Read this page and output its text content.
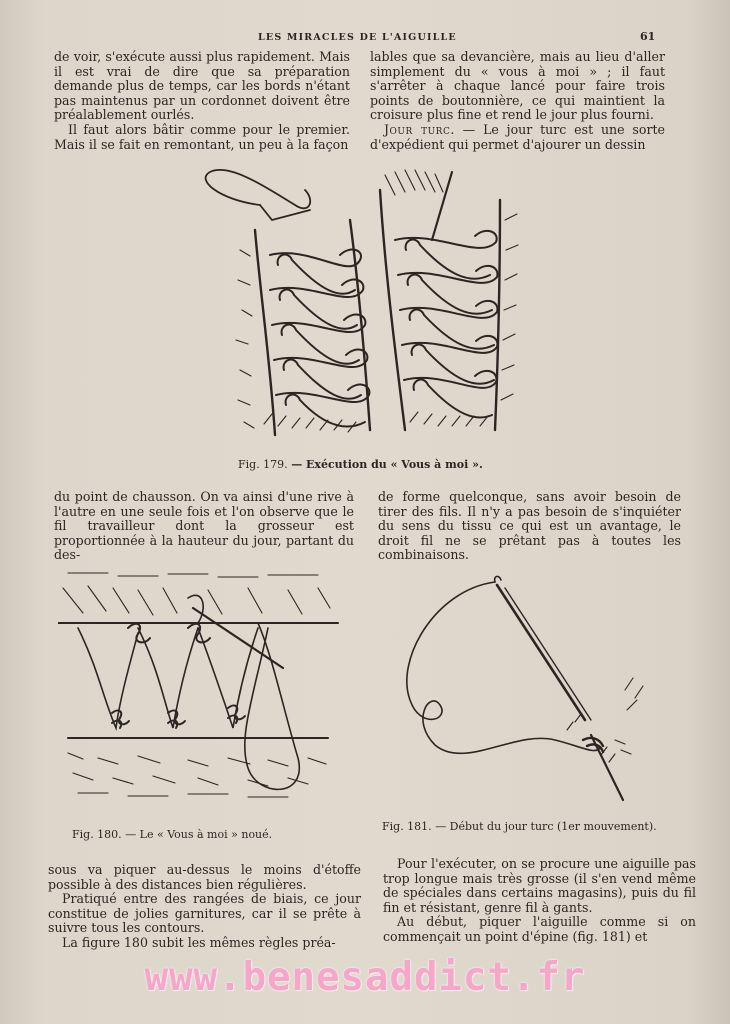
LES MIRACLES DE L'AIGUILLE	61

de voir, s'exécute aussi plus rapidement. Mais il est vrai de dire que sa préparation demande plus de temps, car les bords n'étant pas maintenus par un cordonnet doivent être préalablement ourlés.

Il faut alors bâtir comme pour le premier. Mais il se fait en remontant, un peu à la façon

lables que sa devancière, mais au lieu d'aller simplement du « vous à moi » ; il faut s'arrêter à chaque lancé pour faire trois points de boutonnière, ce qui maintient la croisure plus fine et rend le jour plus fourni.

Jour turc. — Le jour turc est une sorte d'expédient qui permet d'ajourer un dessin

Fig. 179. — Exécution du « Vous à moi ».

du point de chausson. On va ainsi d'une rive à l'autre en une seule fois et l'on observe que le fil travailleur dont la grosseur est proportionnée à la hauteur du jour, partant du des-

de forme quelconque, sans avoir besoin de tirer des fils. Il n'y a pas besoin de s'inquiéter du sens du tissu ce qui est un avantage, le droit fil ne se prêtant pas à toutes les combinaisons.

Fig. 180. — Le « Vous à moi » noué.
Fig. 181. — Début du jour turc (1er mouvement).

sous va piquer au-dessus le moins d'étoffe possible à des distances bien régulières.

Pratiqué entre des rangées de biais, ce jour constitue de jolies garnitures, car il se prête à suivre tous les contours.

La figure 180 subit les mêmes règles préa-

Pour l'exécuter, on se procure une aiguille pas trop longue mais très grosse (il s'en vend même de spéciales dans certains magasins), puis du fil fin et résistant, genre fil à gants.

Au début, piquer l'aiguille comme si on commençait un point d'épine (fig. 181) et

www.benesaddict.fr
